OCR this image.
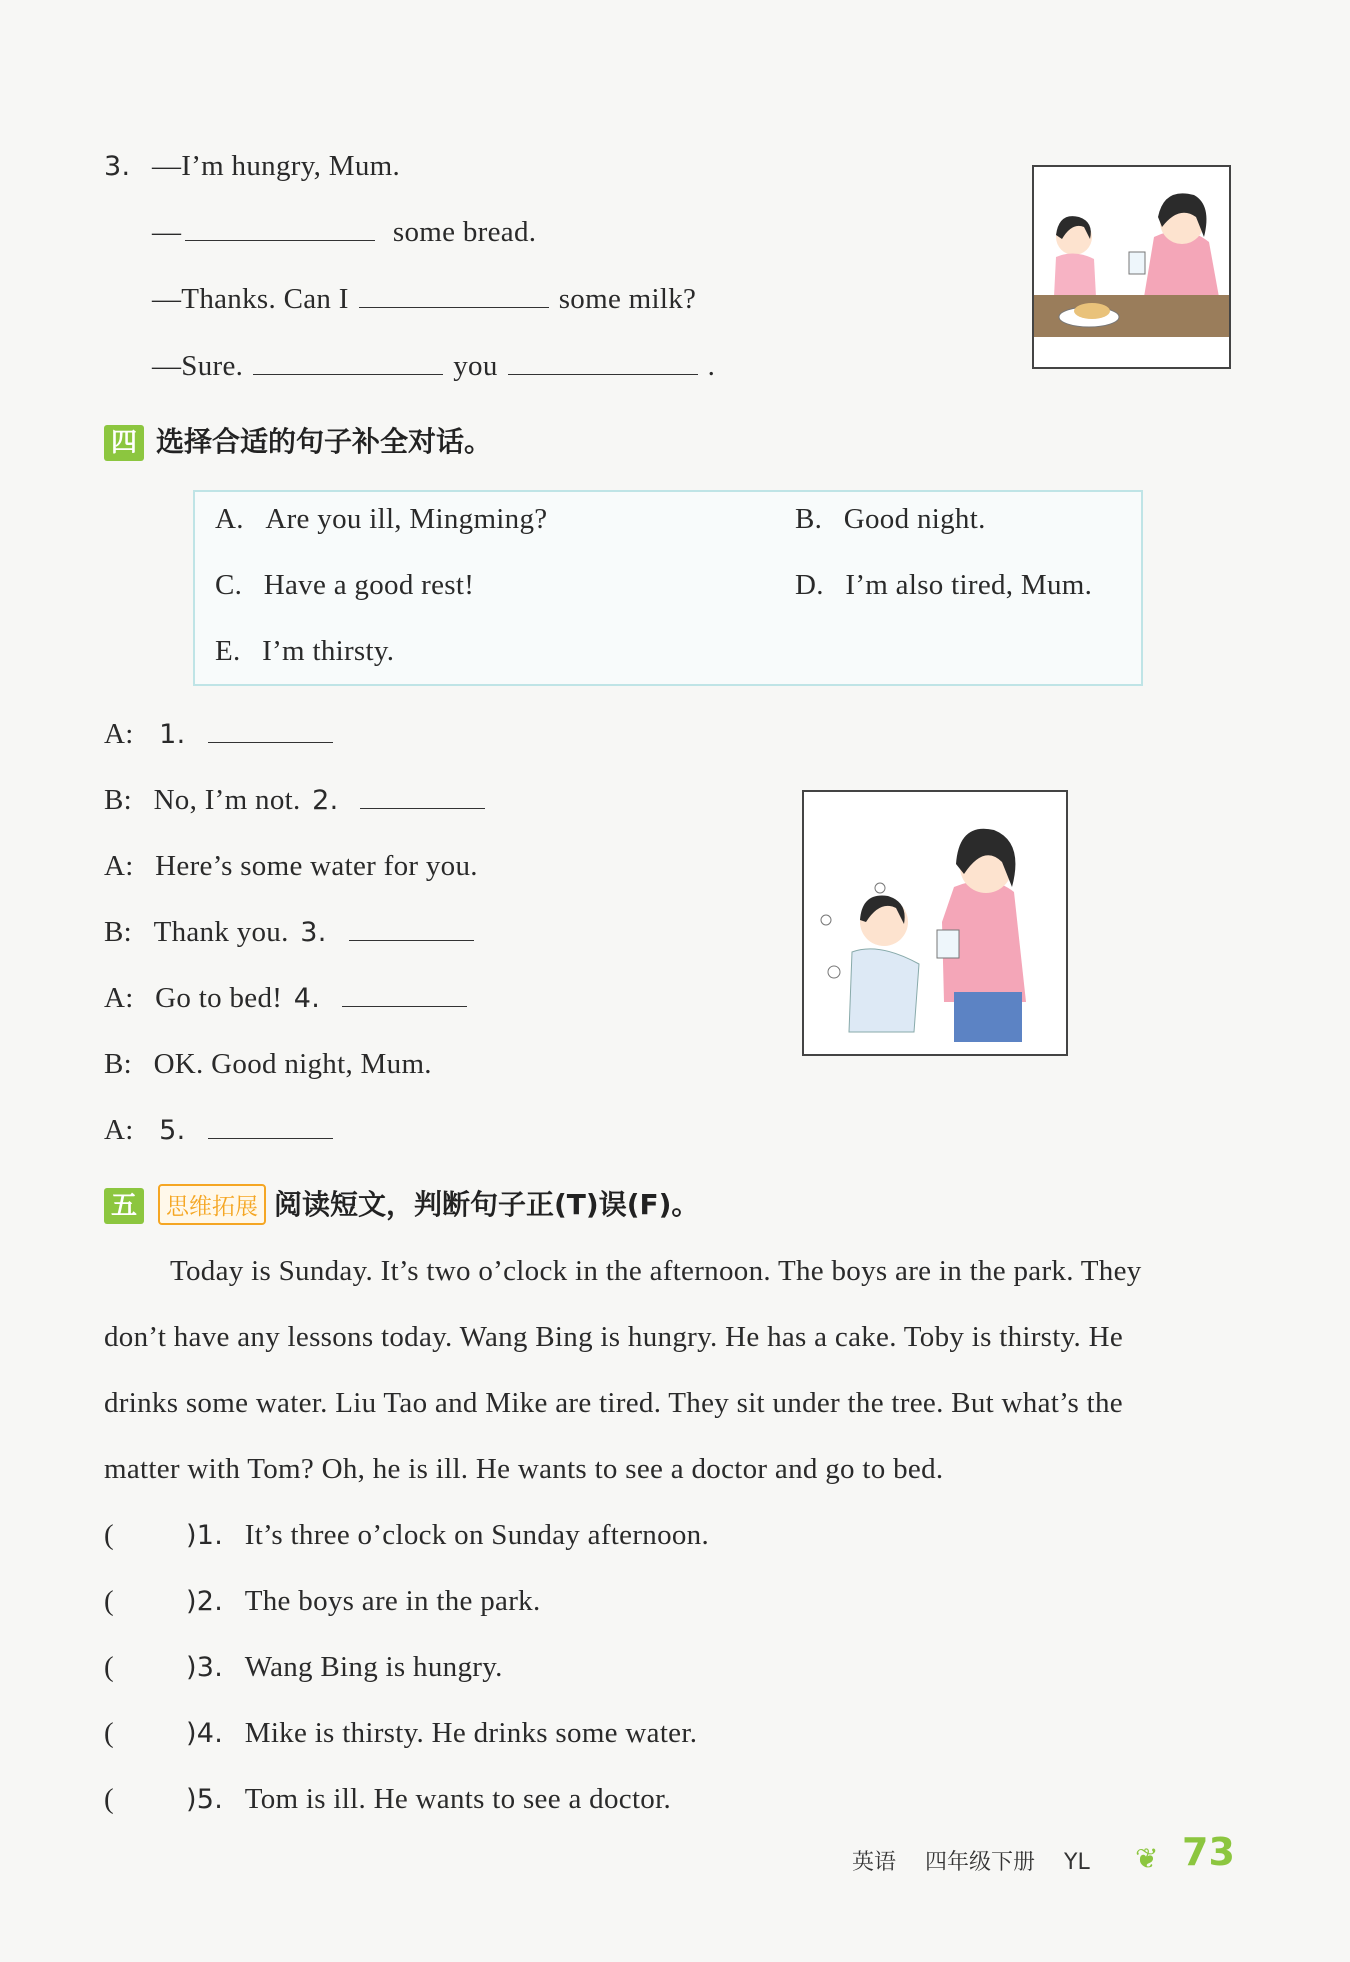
3. —I’m hungry, Mum.
—	some bread.
—Thanks. Can I	some milk?
—Sure.	you	.
四 选择合适的句子补全对话。
A. Are you ill, Mingming?	B. Good night.
C. Have a good rest!	D. I’m also tired, Mum.
E. I’m thirsty.
A: 1.
B: No, I’m not. 2.
A: Here’s some water for you.
B: Thank you. 3.
A: Go to bed! 4.
B: OK. Good night, Mum.
A: 5.
五 思维拓展 阅读短文，判断句子正(T)误(F)。
Today is Sunday. It’s two o’clock in the afternoon. The boys are in the park. They
don’t have any lessons today. Wang Bing is hungry. He has a cake. Toby is thirsty. He
drinks some water. Liu Tao and Mike are tired. They sit under the tree. But what’s the
matter with Tom? Oh, he is ill. He wants to see a doctor and go to bed.
(	)1. It’s three o’clock on Sunday afternoon.
(	)2. The boys are in the park.
(	)3. Wang Bing is hungry.
(	)4. Mike is thirsty. He drinks some water.
(	)5. Tom is ill. He wants to see a doctor.
英语 四年级下册 YL ❦ 73
